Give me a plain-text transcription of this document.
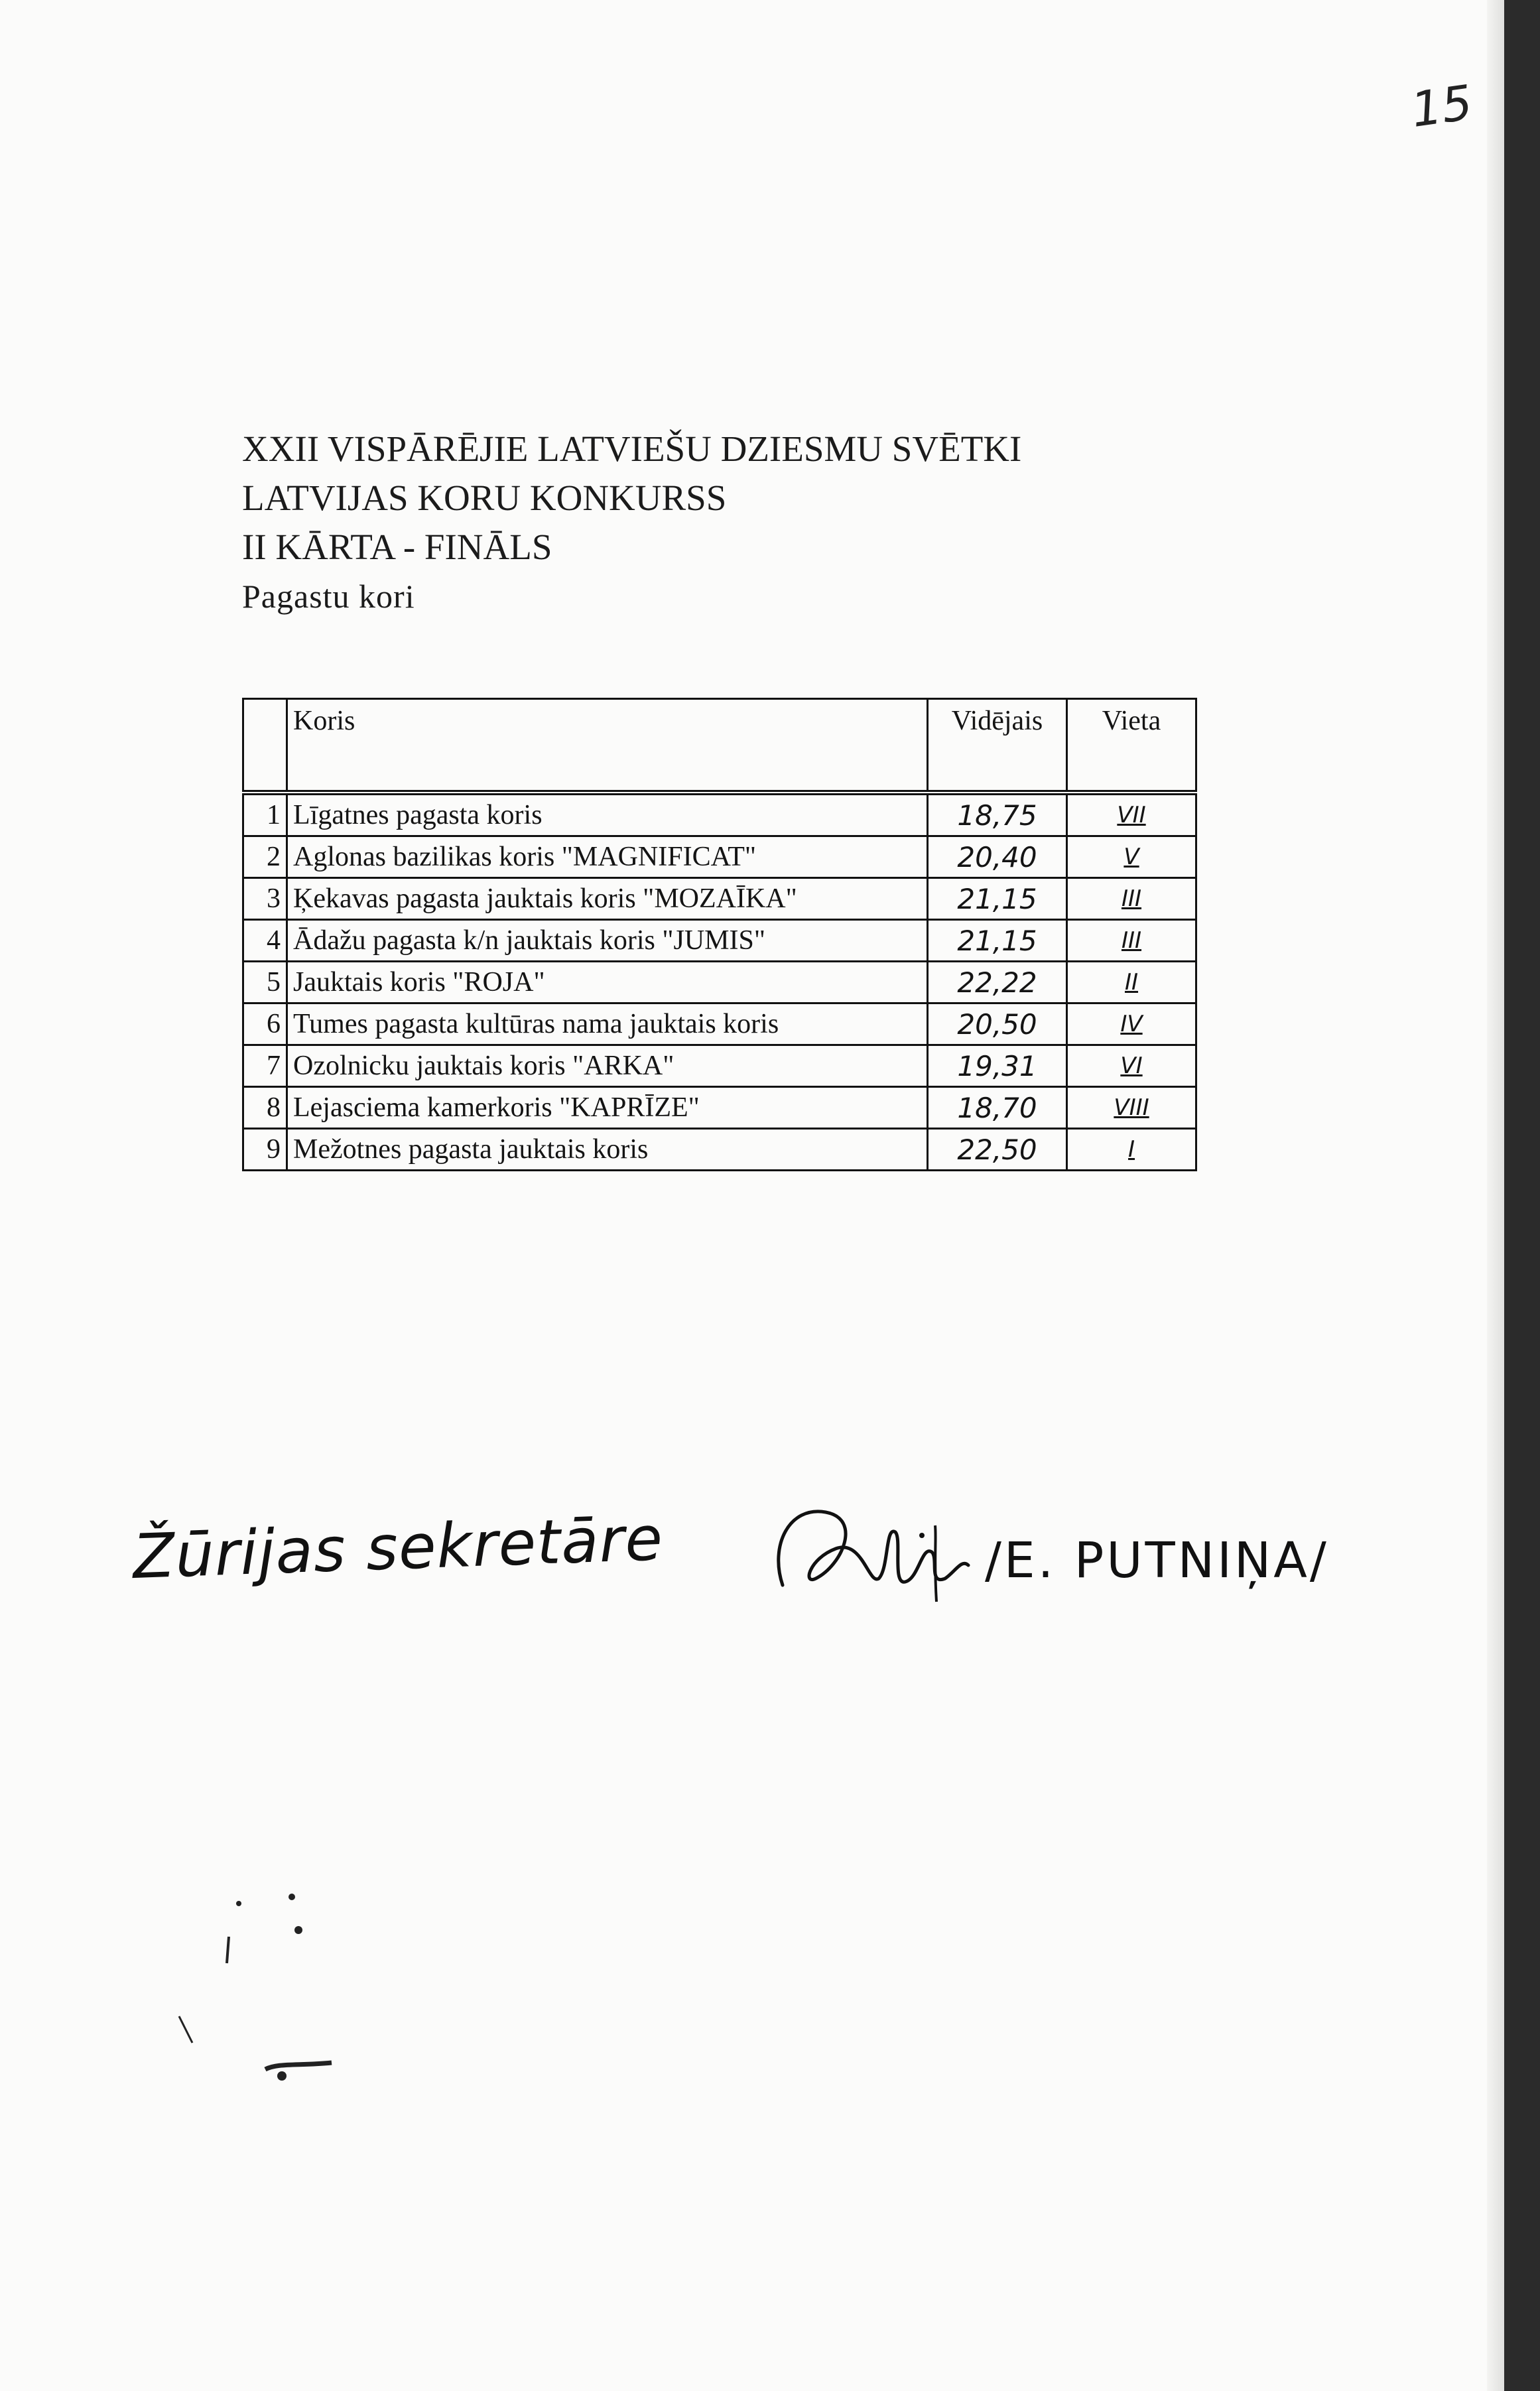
15
XXII VISPĀRĒJIE LATVIEŠU DZIESMU SVĒTKI
LATVIJAS KORU KONKURSS
II KĀRTA - FINĀLS
Pagastu kori
	Koris	Vidējais	Vieta
1	Līgatnes pagasta koris	18,75	VII
2	Aglonas bazilikas koris "MAGNIFICAT"	20,40	V
3	Ķekavas pagasta jauktais koris "MOZAĪKA"	21,15	III
4	Ādažu pagasta k/n jauktais koris "JUMIS"	21,15	III
5	Jauktais koris "ROJA"	22,22	II
6	Tumes pagasta kultūras nama jauktais koris	20,50	IV
7	Ozolnicku jauktais koris "ARKA"	19,31	VI
8	Lejasciema kamerkoris "KAPRĪZE"	18,70	VIII
9	Mežotnes pagasta jauktais koris	22,50	I
Žūrijas sekretāre	/E. PUTNIŅA/
